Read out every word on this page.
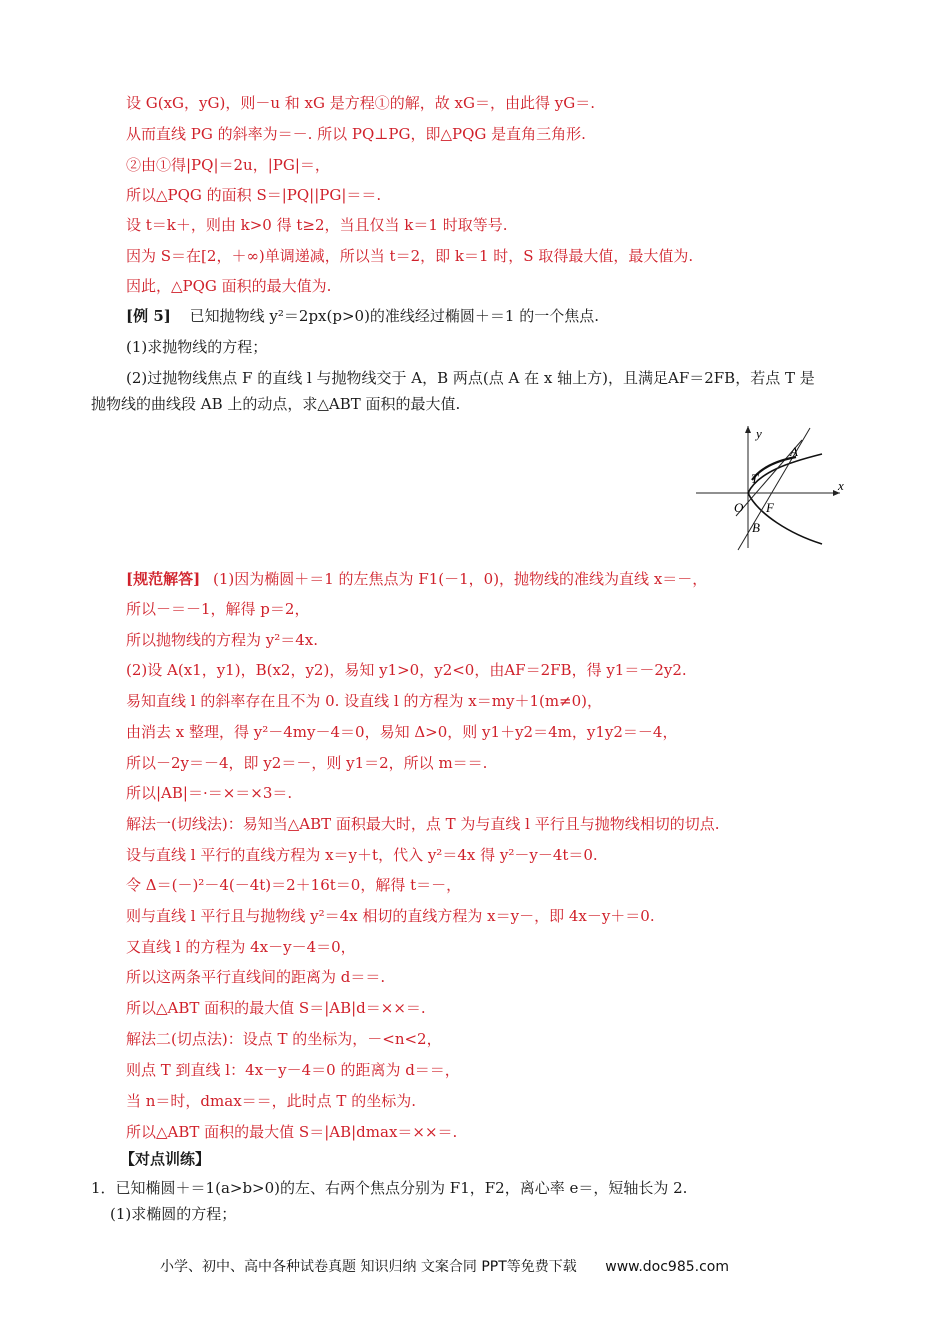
设 G(xG，yG)，则－u 和 xG 是方程①的解，故 xG＝，由此得 yG＝.
从而直线 PG 的斜率为＝－. 所以 PQ⊥PG，即△PQG 是直角三角形.
②由①得|PQ|＝2u，|PG|＝，
所以△PQG 的面积 S＝|PQ||PG|＝＝.
设 t＝k＋，则由 k>0 得 t≥2，当且仅当 k＝1 时取等号.
因为 S＝在[2，＋∞)单调递减，所以当 t＝2，即 k＝1 时，S 取得最大值，最大值为.
因此，△PQG 面积的最大值为.
[例 5] 已知抛物线 y²＝2px(p>0)的准线经过椭圆＋＝1 的一个焦点.
(1)求抛物线的方程；
(2)过抛物线焦点 F 的直线 l 与抛物线交于 A，B 两点(点 A 在 x 轴上方)，且满足AF＝2FB，若点 T 是
抛物线的曲线段 AB 上的动点，求△ABT 面积的最大值.
y
x
A
T
O F
B
[规范解答] (1)因为椭圆＋＝1 的左焦点为 F1(－1，0)，抛物线的准线为直线 x＝－，
所以－＝－1，解得 p＝2，
所以抛物线的方程为 y²＝4x.
(2)设 A(x1，y1)，B(x2，y2)，易知 y1>0，y2<0，由AF＝2FB，得 y1＝－2y2.
易知直线 l 的斜率存在且不为 0. 设直线 l 的方程为 x＝my＋1(m≠0)，
由消去 x 整理，得 y²－4my－4＝0，易知 Δ>0，则 y1＋y2＝4m，y1y2＝－4，
所以－2y＝－4，即 y2＝－，则 y1＝2，所以 m＝＝.
所以|AB|＝·＝×＝×3＝.
解法一(切线法)：易知当△ABT 面积最大时，点 T 为与直线 l 平行且与抛物线相切的切点.
设与直线 l 平行的直线方程为 x＝y＋t，代入 y²＝4x 得 y²－y－4t＝0.
令 Δ＝(－)²－4(－4t)＝2＋16t＝0，解得 t＝－，
则与直线 l 平行且与抛物线 y²＝4x 相切的直线方程为 x＝y－，即 4x－y＋＝0.
又直线 l 的方程为 4x－y－4＝0，
所以这两条平行直线间的距离为 d＝＝.
所以△ABT 面积的最大值 S＝|AB|d＝××＝.
解法二(切点法)：设点 T 的坐标为，－<n<2，
则点 T 到直线 l：4x－y－4＝0 的距离为 d＝＝，
当 n＝时，dmax＝＝，此时点 T 的坐标为.
所以△ABT 面积的最大值 S＝|AB|dmax＝××＝.
【对点训练】
1．已知椭圆＋＝1(a>b>0)的左、右两个焦点分别为 F1，F2，离心率 e＝，短轴长为 2.
(1)求椭圆的方程；
小学、初中、高中各种试卷真题 知识归纳 文案合同 PPT等免费下载 www.doc985.com
